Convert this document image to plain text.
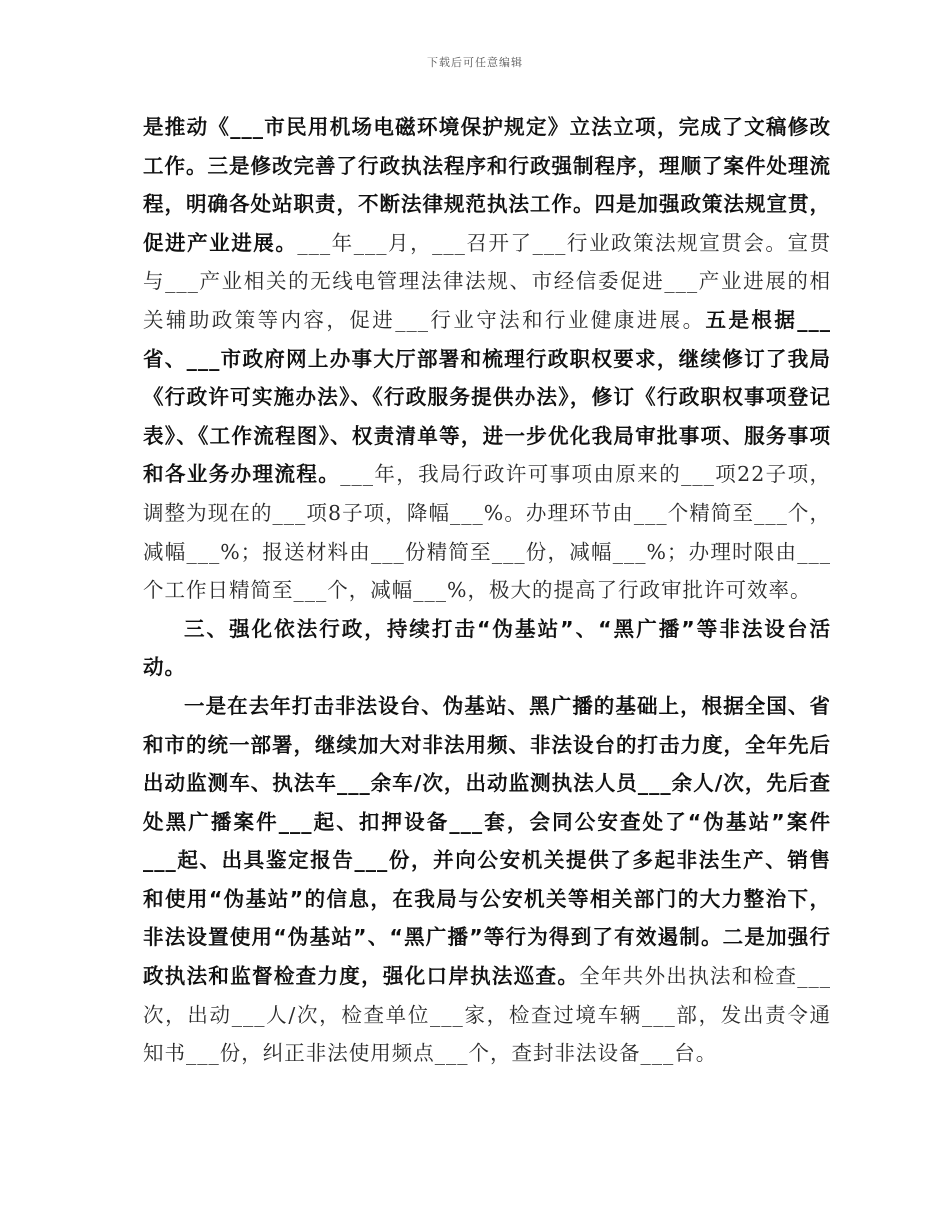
下载后可任意编辑

是推动《___市民用机场电磁环境保护规定》立法立项，完成了文稿修改工作。三是修改完善了行政执法程序和行政强制程序，理顺了案件处理流程，明确各处站职责，不断法律规范执法工作。四是加强政策法规宣贯，促进产业进展。___年___月，___召开了___行业政策法规宣贯会。宣贯与___产业相关的无线电管理法律法规、市经信委促进___产业进展的相关辅助政策等内容，促进___行业守法和行业健康进展。五是根据___省、___市政府网上办事大厅部署和梳理行政职权要求，继续修订了我局《行政许可实施办法》、《行政服务提供办法》，修订《行政职权事项登记表》、《工作流程图》、权责清单等，进一步优化我局审批事项、服务事项和各业务办理流程。___年，我局行政许可事项由原来的___项22子项，调整为现在的___项8子项，降幅___%。办理环节由___个精简至___个，减幅___%；报送材料由___份精简至___份，减幅___%；办理时限由___个工作日精简至___个，减幅___%，极大的提高了行政审批许可效率。

三、强化依法行政，持续打击“伪基站”、“黑广播”等非法设台活动。

一是在去年打击非法设台、伪基站、黑广播的基础上，根据全国、省和市的统一部署，继续加大对非法用频、非法设台的打击力度，全年先后出动监测车、执法车___余车/次，出动监测执法人员___余人/次，先后查处黑广播案件___起、扣押设备___套，会同公安查处了“伪基站”案件___起、出具鉴定报告___份，并向公安机关提供了多起非法生产、销售和使用“伪基站”的信息，在我局与公安机关等相关部门的大力整治下，非法设置使用“伪基站”、“黑广播”等行为得到了有效遏制。二是加强行政执法和监督检查力度，强化口岸执法巡查。全年共外出执法和检查___次，出动___人/次，检查单位___家，检查过境车辆___部，发出责令通知书___份，纠正非法使用频点___个，查封非法设备___台。
